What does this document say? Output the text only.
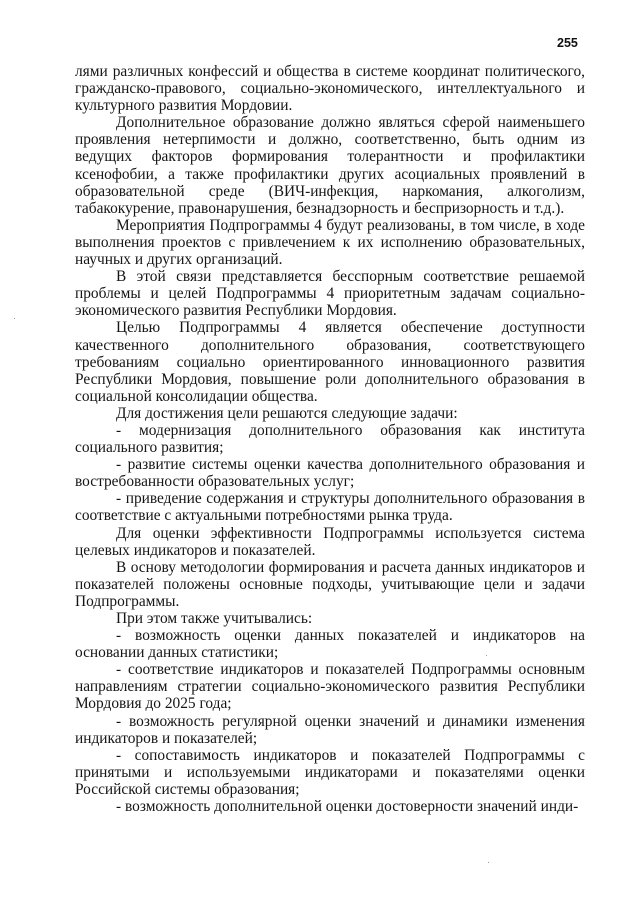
255

лями различных конфессий и общества в системе координат политического, гражданско-правового, социально-экономического, интеллектуального и культурного развития Мордовии.

Дополнительное образование должно являться сферой наименьшего проявления нетерпимости и должно, соответственно, быть одним из ведущих факторов формирования толерантности и профилактики ксенофобии, а также профилактики других асоциальных проявлений в образовательной среде (ВИЧ-инфекция, наркомания, алкоголизм, табакокурение, правонарушения, безнадзорность и беспризорность и т.д.).

Мероприятия Подпрограммы 4 будут реализованы, в том числе, в ходе выполнения проектов с привлечением к их исполнению образовательных, научных и других организаций.

В этой связи представляется бесспорным соответствие решаемой проблемы и целей Подпрограммы 4 приоритетным задачам социально-экономического развития Республики Мордовия.

Целью Подпрограммы 4 является обеспечение доступности качественного дополнительного образования, соответствующего требованиям социально ориентированного инновационного развития Республики Мордовия, повышение роли дополнительного образования в социальной консолидации общества.

Для достижения цели решаются следующие задачи:

- модернизация дополнительного образования как института социального развития;

- развитие системы оценки качества дополнительного образования и востребованности образовательных услуг;

- приведение содержания и структуры дополнительного образования в соответствие с актуальными потребностями рынка труда.

Для оценки эффективности Подпрограммы используется система целевых индикаторов и показателей.

В основу методологии формирования и расчета данных индикаторов и показателей положены основные подходы, учитывающие цели и задачи Подпрограммы.

При этом также учитывались:

- возможность оценки данных показателей и индикаторов на основании данных статистики;

- соответствие индикаторов и показателей Подпрограммы основным направлениям стратегии социально-экономического развития Республики Мордовия до 2025 года;

- возможность регулярной оценки значений и динамики изменения индикаторов и показателей;

- сопоставимость индикаторов и показателей Подпрограммы с принятыми и используемыми индикаторами и показателями оценки Российской системы образования;

- возможность дополнительной оценки достоверности значений инди-
